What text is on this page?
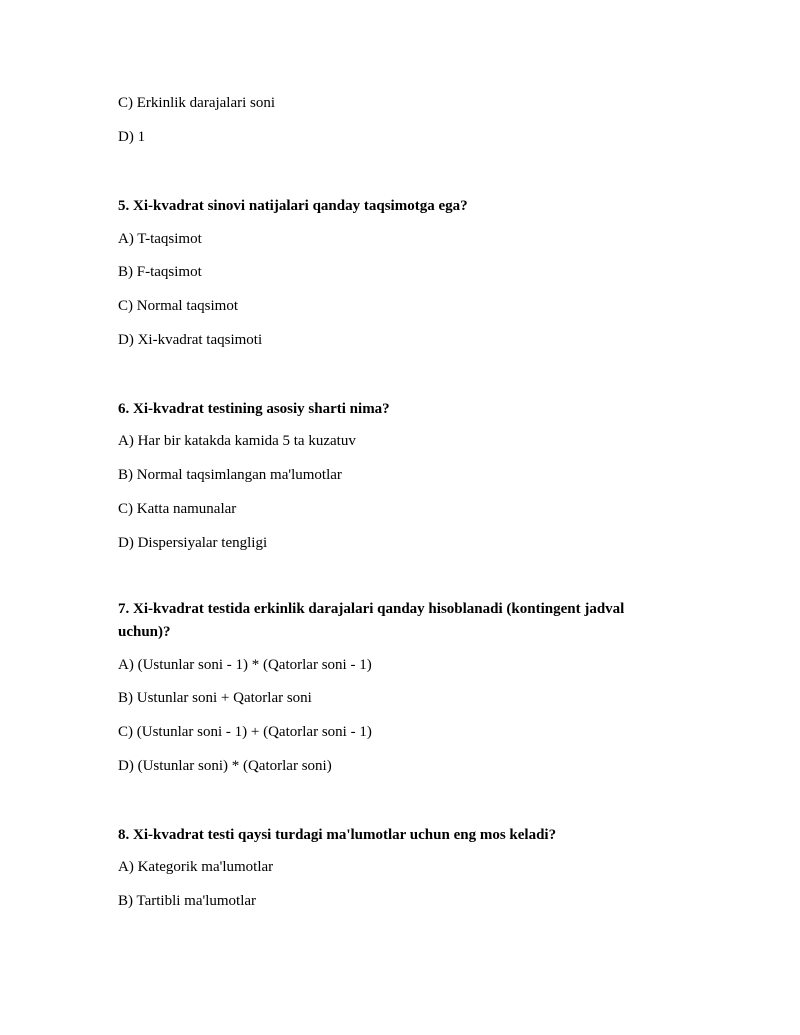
C) Erkinlik darajalari soni
D) 1
5. Xi-kvadrat sinovi natijalari qanday taqsimotga ega?
A) T-taqsimot
B) F-taqsimot
C) Normal taqsimot
D) Xi-kvadrat taqsimoti
6. Xi-kvadrat testining asosiy sharti nima?
A) Har bir katakda kamida 5 ta kuzatuv
B) Normal taqsimlangan ma'lumotlar
C) Katta namunalar
D) Dispersiyalar tengligi
7. Xi-kvadrat testida erkinlik darajalari qanday hisoblanadi (kontingent jadval uchun)?
A) (Ustunlar soni - 1) * (Qatorlar soni - 1)
B) Ustunlar soni + Qatorlar soni
C) (Ustunlar soni - 1) + (Qatorlar soni - 1)
D) (Ustunlar soni) * (Qatorlar soni)
8. Xi-kvadrat testi qaysi turdagi ma'lumotlar uchun eng mos keladi?
A) Kategorik ma'lumotlar
B) Tartibli ma'lumotlar
